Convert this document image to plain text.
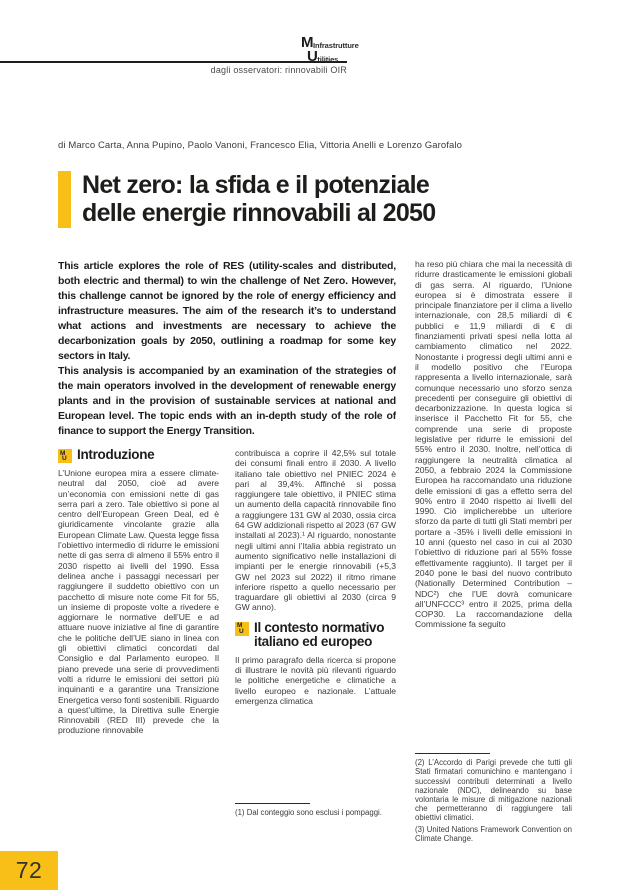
M Infrastrutture
U tilities
dagli osservatori: rinnovabili OIR
di Marco Carta, Anna Pupino, Paolo Vanoni, Francesco Elia, Vittoria Anelli e Lorenzo Garofalo
Net zero: la sfida e il potenziale
delle energie rinnovabili al 2050

This article explores the role of RES (utility-scales and distributed, both electric and thermal) to win the challenge of Net Zero. However, this challenge cannot be ignored by the role of energy efficiency and infrastructure measures. The aim of the research it’s to understand what actions and investments are necessary to achieve the decarbonization goals by 2050, outlining a roadmap for some key sectors in Italy.

This analysis is accompanied by an examination of the strategies of the main operators involved in the development of renewable energy plants and in the provision of sustainable services at national and European level. The topic ends with an in-depth study of the role of finance to support the Energy Transition.

M
U Introduzione

L’Unione europea mira a essere climate-neutral dal 2050, cioè ad avere un’economia con emissioni nette di gas serra pari a zero. Tale obiettivo si pone al centro dell’European Green Deal, ed è giuridicamente vincolante grazie alla European Climate Law. Questa legge fissa l’obiettivo intermedio di ridurre le emissioni nette di gas serra di almeno il 55% entro il 2030 rispetto ai livelli del 1990. Essa delinea anche i passaggi necessari per raggiungere il suddetto obiettivo con un pacchetto di misure note come Fit for 55, un insieme di proposte volte a rivedere e aggiornare le normative dell’UE e ad attuare nuove iniziative al fine di garantire che le politiche dell’UE siano in linea con gli obiettivi climatici concordati dal Consiglio e dal Parlamento europeo. Il piano prevede una serie di provvedimenti volti a ridurre le emissioni dei settori più inquinanti e a garantire una Transizione Energetica verso fonti sostenibili. Riguardo a quest’ultime, la Direttiva sulle Energie Rinnovabili (RED III) prevede che la produzione rinnovabile

contribuisca a coprire il 42,5% sul totale dei consumi finali entro il 2030. A livello italiano tale obiettivo nel PNIEC 2024 è pari al 39,4%. Affinché si possa raggiungere tale obiettivo, il PNIEC stima un aumento della capacità rinnovabile fino a raggiungere 131 GW al 2030, ossia circa 64 GW addizionali rispetto al 2023 (67 GW installati al 2023).¹ Al riguardo, nonostante negli ultimi anni l’Italia abbia registrato un aumento significativo nelle installazioni di impianti per le energie rinnovabili (+5,3 GW nel 2023 sul 2022) il ritmo rimane inferiore rispetto a quello necessario per traguardare gli obiettivi al 2030 (circa 9 GW anno).

M
U Il contesto normativo italiano ed europeo

Il primo paragrafo della ricerca si propone di illustrare le novità più rilevanti riguardo le politiche energetiche e climatiche a livello europeo e nazionale. L’attuale emergenza climatica

(1) Dal conteggio sono esclusi i pompaggi.

ha reso più chiara che mai la necessità di ridurre drasticamente le emissioni globali di gas serra. Al riguardo, l’Unione europea si è dimostrata essere il principale finanziatore per il clima a livello internazionale, con 28,5 miliardi di € pubblici e 11,9 miliardi di € di finanziamenti privati spesi nella lotta al cambiamento climatico nel 2022. Nonostante i progressi degli ultimi anni e il modello positivo che l’Europa rappresenta a livello internazionale, sarà comunque necessario uno sforzo senza precedenti per conseguire gli obiettivi di decarbonizzazione. In questa logica si inserisce il Pacchetto Fit for 55, che comprende una serie di proposte legislative per ridurre le emissioni del 55% entro il 2030. Inoltre, nell’ottica di raggiungere la neutralità climatica al 2050, a febbraio 2024 la Commissione Europea ha raccomandato una riduzione delle emissioni di gas a effetto serra del 90% entro il 2040 rispetto ai livelli del 1990. Ciò implicherebbe un ulteriore sforzo da parte di tutti gli Stati membri per portare a -35% i livelli delle emissioni in 10 anni (questo nel caso in cui al 2030 l’obiettivo di riduzione pari al 55% fosse effettivamente raggiunto). Il target per il 2040 pone le basi del nuovo contributo (Nationally Determined Contribution – NDC²) che l’UE dovrà comunicare all’UNFCCC³ entro il 2025, prima della COP30. La raccomandazione della Commissione fa seguito

(2) L’Accordo di Parigi prevede che tutti gli Stati firmatari comunichino e mantengano i successivi contributi determinati a livello nazionale (NDC), delineando su base volontaria le misure di mitigazione nazionali che permetteranno di raggiungere tali obiettivi climatici.

(3) United Nations Framework Convention on Climate Change.

72
